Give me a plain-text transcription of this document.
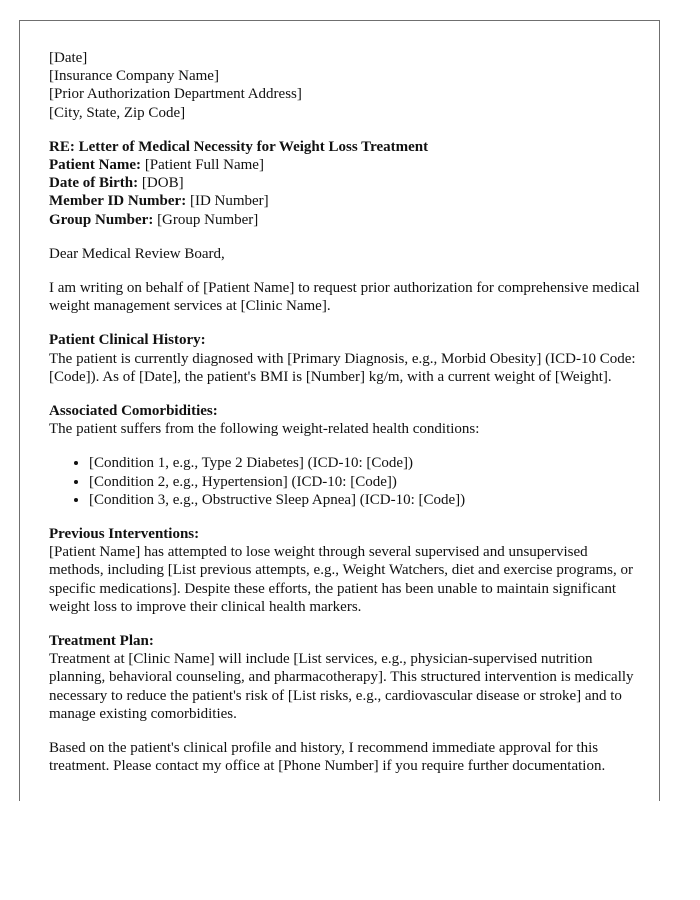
[Date]
[Insurance Company Name]
[Prior Authorization Department Address]
[City, State, Zip Code]
RE: Letter of Medical Necessity for Weight Loss Treatment
Patient Name: [Patient Full Name]
Date of Birth: [DOB]
Member ID Number: [ID Number]
Group Number: [Group Number]

Dear Medical Review Board,

I am writing on behalf of [Patient Name] to request prior authorization for comprehensive medical weight management services at [Clinic Name].

Patient Clinical History:
The patient is currently diagnosed with [Primary Diagnosis, e.g., Morbid Obesity] (ICD-10 Code: [Code]). As of [Date], the patient's BMI is [Number] kg/m, with a current weight of [Weight].
Associated Comorbidities:
The patient suffers from the following weight-related health conditions:
• [Condition 1, e.g., Type 2 Diabetes] (ICD-10: [Code])
• [Condition 2, e.g., Hypertension] (ICD-10: [Code])
• [Condition 3, e.g., Obstructive Sleep Apnea] (ICD-10: [Code])
Previous Interventions:
[Patient Name] has attempted to lose weight through several supervised and unsupervised methods, including [List previous attempts, e.g., Weight Watchers, diet and exercise programs, or specific medications]. Despite these efforts, the patient has been unable to maintain significant weight loss to improve their clinical health markers.
Treatment Plan:
Treatment at [Clinic Name] will include [List services, e.g., physician-supervised nutrition planning, behavioral counseling, and pharmacotherapy]. This structured intervention is medically necessary to reduce the patient's risk of [List risks, e.g., cardiovascular disease or stroke] and to manage existing comorbidities.

Based on the patient's clinical profile and history, I recommend immediate approval for this treatment. Please contact my office at [Phone Number] if you require further documentation.
